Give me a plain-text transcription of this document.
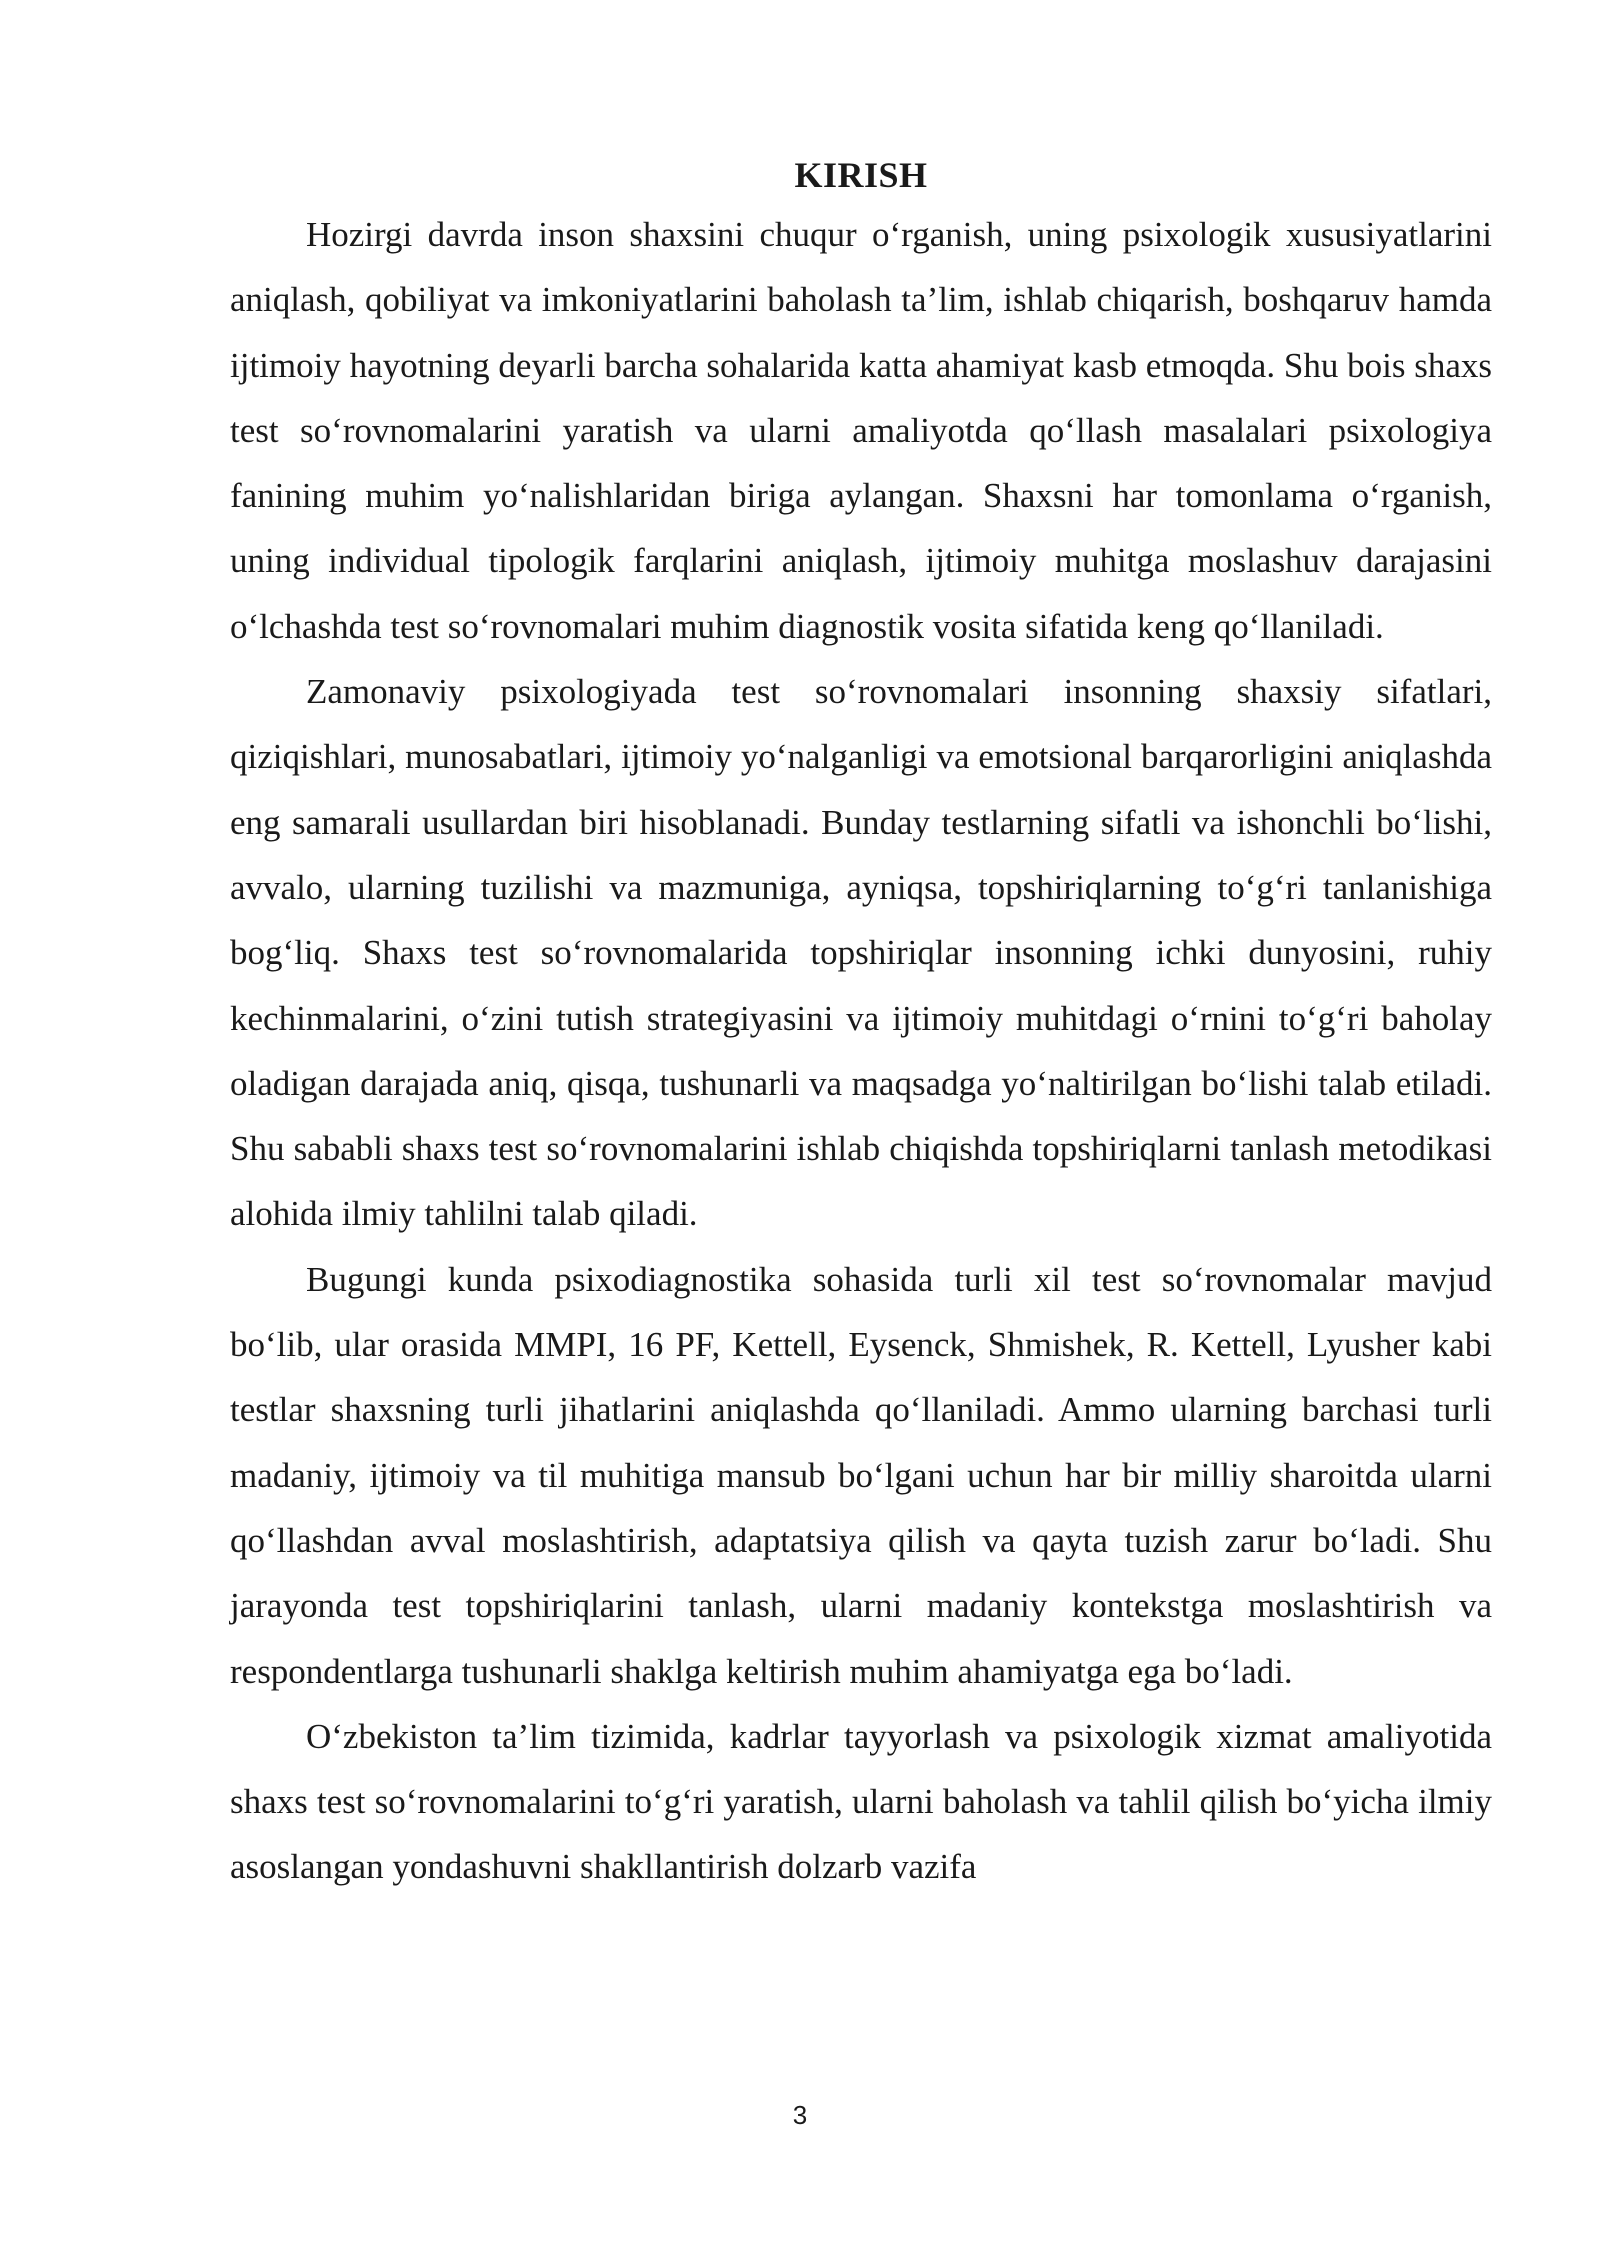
KIRISH

Hozirgi davrda inson shaxsini chuqur o‘rganish, uning psixologik xususiyatlarini aniqlash, qobiliyat va imkoniyatlarini baholash ta’lim, ishlab chiqarish, boshqaruv hamda ijtimoiy hayotning deyarli barcha sohalarida katta ahamiyat kasb etmoqda. Shu bois shaxs test so‘rovnomalarini yaratish va ularni amaliyotda qo‘llash masalalari psixologiya fanining muhim yo‘nalishlaridan biriga aylangan. Shaxsni har tomonlama o‘rganish, uning individual tipologik farqlarini aniqlash, ijtimoiy muhitga moslashuv darajasini o‘lchashda test so‘rovnomalari muhim diagnostik vosita sifatida keng qo‘llaniladi.

Zamonaviy psixologiyada test so‘rovnomalari insonning shaxsiy sifatlari, qiziqishlari, munosabatlari, ijtimoiy yo‘nalganligi va emotsional barqarorligini aniqlashda eng samarali usullardan biri hisoblanadi. Bunday testlarning sifatli va ishonchli bo‘lishi, avvalo, ularning tuzilishi va mazmuniga, ayniqsa, topshiriqlarning to‘g‘ri tanlanishiga bog‘liq. Shaxs test so‘rovnomalarida topshiriqlar insonning ichki dunyosini, ruhiy kechinmalarini, o‘zini tutish strategiyasini va ijtimoiy muhitdagi o‘rnini to‘g‘ri baholay oladigan darajada aniq, qisqa, tushunarli va maqsadga yo‘naltirilgan bo‘lishi talab etiladi. Shu sababli shaxs test so‘rovnomalarini ishlab chiqishda topshiriqlarni tanlash metodikasi alohida ilmiy tahlilni talab qiladi.

Bugungi kunda psixodiagnostika sohasida turli xil test so‘rovnomalar mavjud bo‘lib, ular orasida MMPI, 16 PF, Kettell, Eysenck, Shmishek, R. Kettell, Lyusher kabi testlar shaxsning turli jihatlarini aniqlashda qo‘llaniladi. Ammo ularning barchasi turli madaniy, ijtimoiy va til muhitiga mansub bo‘lgani uchun har bir milliy sharoitda ularni qo‘llashdan avval moslashtirish, adaptatsiya qilish va qayta tuzish zarur bo‘ladi. Shu jarayonda test topshiriqlarini tanlash, ularni madaniy kontekstga moslashtirish va respondentlarga tushunarli shaklga keltirish muhim ahamiyatga ega bo‘ladi.

O‘zbekiston ta’lim tizimida, kadrlar tayyorlash va psixologik xizmat amaliyotida shaxs test so‘rovnomalarini to‘g‘ri yaratish, ularni baholash va tahlil qilish bo‘yicha ilmiy asoslangan yondashuvni shakllantirish dolzarb vazifa

3
